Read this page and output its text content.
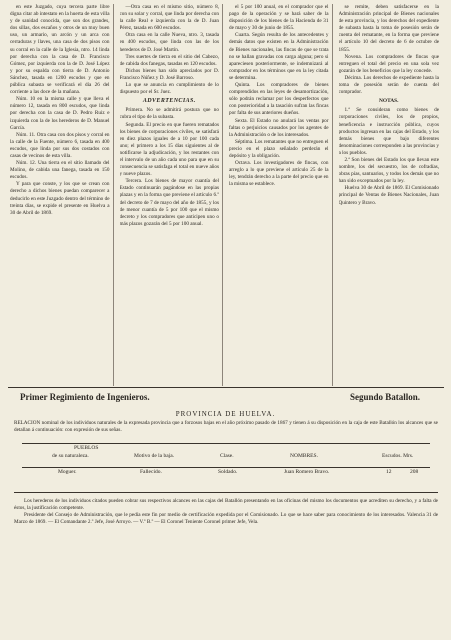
en este Juzgado, cuya tercera parte libre digna citar ab intestato en la huerta de esta villa y de sanidad conocida, que son dos grandes, dos sillas, dos escaños y otros de un muy buen uso, un armario, un arcón y un arca con cerraduras y llaves, una casa de dos pisos con su corral en la calle de la Iglesia, ntro. 14 linda por derecha con la casa de D. Francisco Gómez, por izquierda con la de D. José López y por su espalda con tierra de D. Antonio Sánchez, tasada en 1200 escudos y que en pública subasta se verificará el día 26 del corriente a las doce de la mañana.

Núm. 10 en la misma calle y que lleva el número 12, tasada en 800 escudos, que linda por derecha con la casa de D. Pedro Ruiz e izquierda con la de los herederos de D. Manuel García.

Núm. 11. Otra casa con dos pisos y corral en la calle de la Fuente, número 6, tasada en 400 escudos, que linda por sus dos costados con casas de vecinos de esta villa.

Núm. 12. Una tierra en el sitio llamado del Molino, de cabida una fanega, tasada en 150 escudos.

Y para que conste, y los que se crean con derecho a dichos bienes puedan comparecer a deducirlo en este Juzgado dentro del término de treinta días, se expide el presente en Huelva a 30 de Abril de 1869.

—Otra casa en el mismo sitio, número 8, con su solar y corral, que linda por derecha con la calle Real e izquierda con la de D. Juan Pérez, tasada en 600 escudos.

Otra casa en la calle Nueva, ntro. 3, tasada en 400 escudos, que linda con las de los herederos de D. José Martín.

Tres suertes de tierra en el sitio del Cabezo, de cabida dos fanegas, tasadas en 120 escudos.

Dichos bienes han sido apreciados por D. Francisco Núñez y D. José Barroso.

Lo que se anuncia en cumplimiento de lo dispuesto por el Sr. Juez.

ADVERTENCIAS.

Primera. No se admitirá postura que no cubra el tipo de la subasta.

Segunda. El precio en que fueren rematados los bienes de corporaciones civiles, se satisfará en diez plazos iguales de a 10 por 100 cada uno; el primero a los 15 días siguientes al de notificarse la adjudicación, y los restantes con el intervalo de un año cada uno para que en su consecuencia se satisfaga el total en nueve años y nueve plazos.

Tercera. Los bienes de mayor cuantía del Estado continuarán pagándose en las propias plazas y en la forma que previene el artículo 6.º del decreto de 7 de mayo del año de 1855, y los de menor cuantía de 5 por 100 que el mismo decreto y los compradores que anticipen uno o más plazos gozarán del 5 por 100 anual.

el 5 por 100 anual, en el comprador que el pago de la operación y se hará saber de la disposición de los bienes de la Hacienda de 31 de mayo y 30 de junio de 1855.

Cuarta. Según resulta de los antecedentes y demás datos que existen en la Administración de Bienes nacionales, las fincas de que se trata no se hallan gravadas con carga alguna; pero si apareciesen posteriormente, se indemnizará al comprador en los términos que en la ley citada se determina.

Quinta. Los compradores de bienes comprendidos en las leyes de desamortización, sólo podrán reclamar por los desperfectos que con posterioridad a la tasación sufran las fincas por falta de sus anteriores dueños.

Sexta. El Estado no anulará las ventas por faltas o perjuicios causados por los agentes de la Administración o de los interesados.

Séptima. Los rematantes que no entreguen el precio en el plazo señalado perderán el depósito y la obligación.

Octava. Los investigadores de fincas, con arreglo a lo que previene el artículo 25 de la ley, tendrán derecho a la parte del precio que en la misma se establece.

se remite, deben satisfacerse en la Administración principal de Bienes nacionales de esta provincia, y los derechos del expediente de subasta hasta la toma de posesión serán de cuenta del rematante, en la forma que previene el artículo 10 del decreto de 6 de octubre de 1855.

Novena. Los compradores de fincas que entreguen el total del precio en una sola vez gozarán de los beneficios que la ley concede.

Décima. Los derechos de expediente hasta la toma de posesión serán de cuenta del comprador.

NOTAS.

1.ª Se consideran como bienes de corporaciones civiles, los de propios, beneficencia e instrucción pública, cuyos productos ingresan en las cajas del Estado, y los demás bienes que bajo diferentes denominaciones corresponden a las provincias y a los pueblos.

2.ª Son bienes del Estado los que llevan este nombre, los del secuestro, los de cofradías, obras pías, santuarios, y todos los demás que no han sido exceptuados por la ley.

Huelva 30 de Abril de 1869. El Comisionado principal de Ventas de Bienes Nacionales, Juan Quintero y Bravo.

Primer Regimiento de Ingenieros.	Segundo Batallon.
PROVINCIA DE HUELVA.
RELACION nominal de los individuos naturales de la expresada provincia que a forzosos bajas en el año próximo pasado de 1867 y tienen á su disposición en la caja de este Batallón los alcances que se detallan á continuación: con expresión de sus señas.
PUEBLOS
de su naturaleza.	Motivo de la baja.	Clase.	NOMBRES.	Escudos. Mrs.
Moguer.	Fallecido.	Soldado.	Juan Romero Bravo.	12	208

Los herederos de los individuos citados pueden cobrar sus respectivos alcances en las cajas del Batallón presentando en las oficinas del mismo los documentos que acrediten su derecho, y a falta de éstos, la justificación competente.

Presidente del Consejo de Administración, que le pedía este fin por medio de certificación expedida por el Comisionado. Lo que se hace saber para conocimiento de los interesados. Valencia 31 de Marzo de 1869. — El Comandante 2.º Jefe, José Arroyo. — V.º B.º — El Coronel Teniente Coronel primer Jefe, Vela.
